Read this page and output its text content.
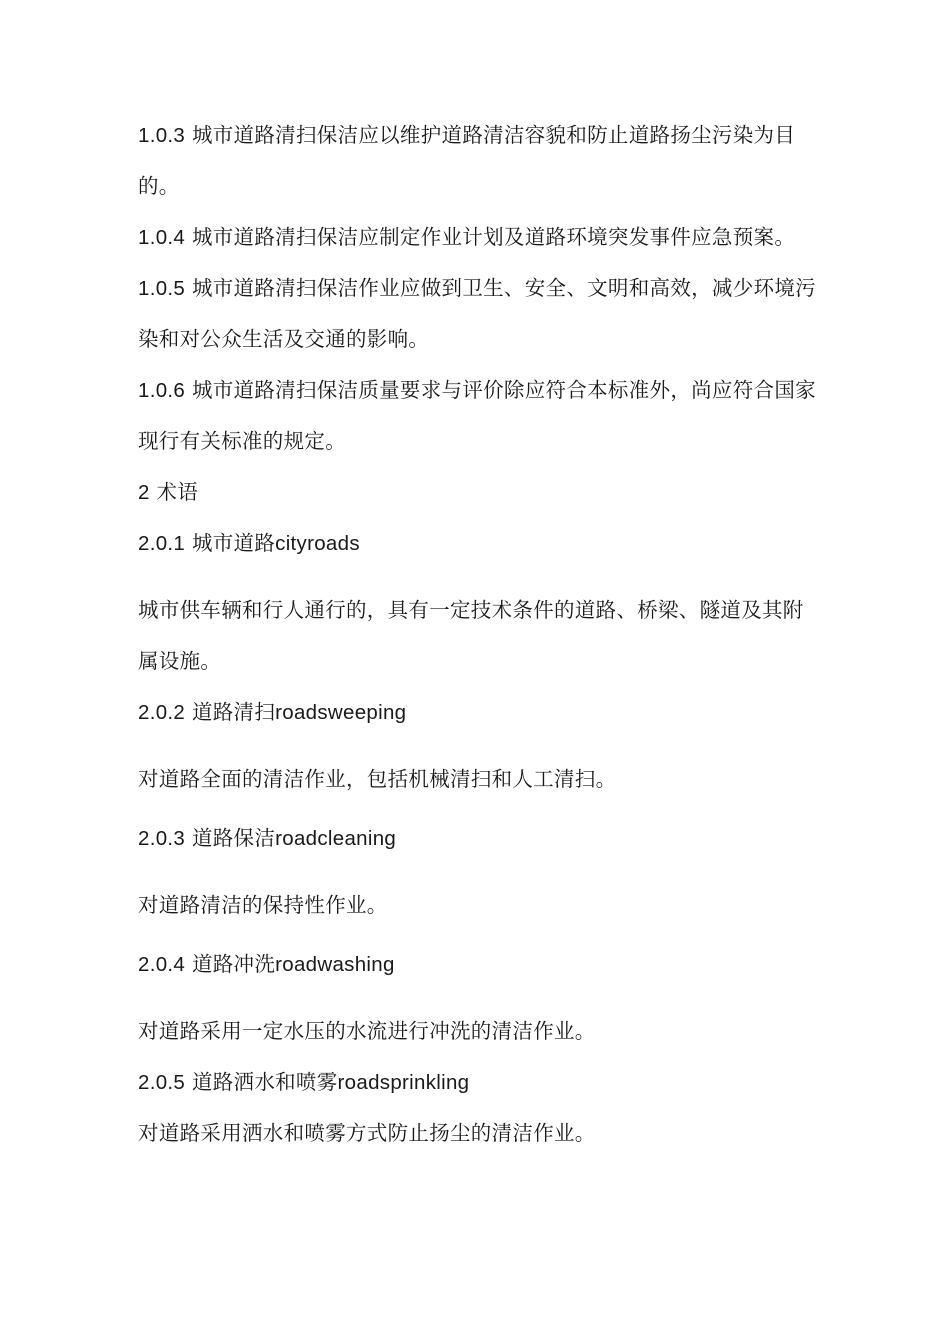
1.0.3 城市道路清扫保洁应以维护道路清洁容貌和防止道路扬尘污染为目的。

1.0.4 城市道路清扫保洁应制定作业计划及道路环境突发事件应急预案。

1.0.5 城市道路清扫保洁作业应做到卫生、安全、文明和高效，减少环境污染和对公众生活及交通的影响。

1.0.6 城市道路清扫保洁质量要求与评价除应符合本标准外，尚应符合国家现行有关标准的规定。

2 术语

2.0.1 城市道路cityroads

城市供车辆和行人通行的，具有一定技术条件的道路、桥梁、隧道及其附属设施。

2.0.2 道路清扫roadsweeping

对道路全面的清洁作业，包括机械清扫和人工清扫。

2.0.3 道路保洁roadcleaning

对道路清洁的保持性作业。

2.0.4 道路冲洗roadwashing

对道路采用一定水压的水流进行冲洗的清洁作业。

2.0.5 道路洒水和喷雾roadsprinkling

对道路采用洒水和喷雾方式防止扬尘的清洁作业。
